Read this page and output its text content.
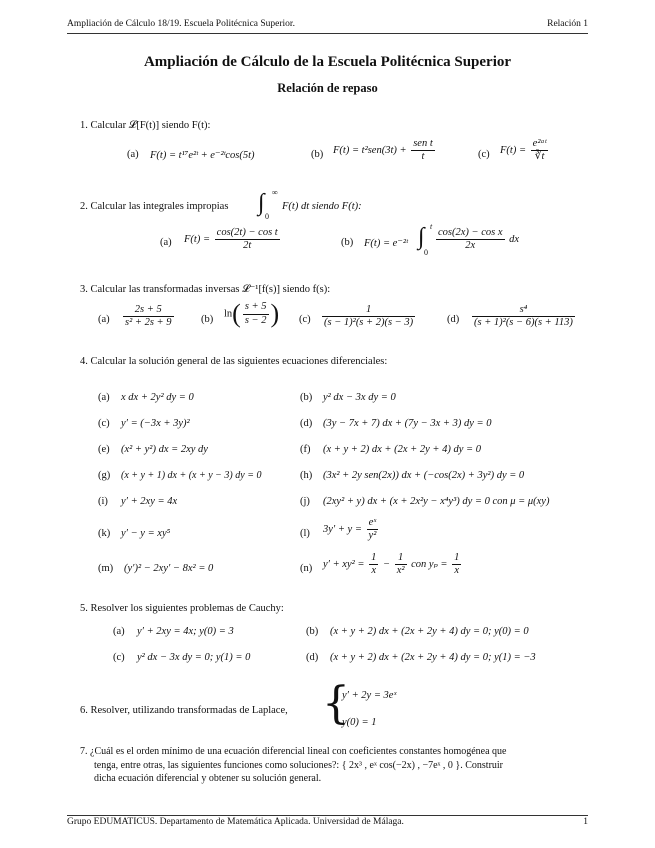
Ampliación de Cálculo 18/19. Escuela Politécnica Superior.	Relación 1
Ampliación de Cálculo de la Escuela Politécnica Superior
Relación de repaso
1. Calcular 𝓛[F(t)] siendo F(t):
(a) F(t) = t¹⁷e²ᵗ + e⁻²ᵗcos(5t)	(b) $F(t) = t^2sen(3t) + \frac{\text{sen t}}{t}$	(c) $F(t) = \frac{\text{e²ᵃᵗ}}{∛t}$
2. Calcular las integrales impropias ∫ ∞
0
F(t) dt siendo F(t):
(a) $F(t) = \frac{\text{cos(2t) − cos t}}{2t}$	(b) F(t) = e⁻²ᵗ ∫ t
0
$\frac{\text{cos(2x) − cos x}}{2x}$ dx
3. Calcular las transformadas inversas 𝓛⁻¹[f(s)] siendo f(s):
$(a) \frac{2s + 5}{\text{s² + 2s + 9}}$	(b)
$\ln( \frac{s + 5}{s - 2}$ ) $(c) \frac{1}{\text{(s − 1)²(s + 2)(s − 3)}}$	$(d) \frac{\text{s⁴}}{\text{(s + 1)²(s − 6)(s + 113)}}$
4. Calcular la solución general de las siguientes ecuaciones diferenciales:
(a) x dx + 2y² dy = 0	(b) y² dx − 3x dy = 0
(c) y′ = (−3x + 3y)²	(d) (3y − 7x + 7) dx + (7y − 3x + 3) dy = 0
(e) (x² + y²) dx = 2xy dy	(f) (x + y + 2) dx + (2x + 2y + 4) dy = 0
(g) (x + y + 1) dx + (x + y − 3) dy = 0	(h) (3x² + 2y sen(2x)) dx + (−cos(2x) + 3y²) dy = 0
(i) y′ + 2xy = 4x	(j) (2xy² + y) dx + (x + 2x²y − x⁴y³) dy = 0 con μ = μ(xy)
(k) y′ − y = xy⁵	(l) $3y' + y = \frac{\text{eˣ}}{\text{y²}}$
(m) (y′)² − 2xy′ − 8x² = 0	(n) $y' + xy^2 = \frac{1}{x} - \frac{1}{\text{x²}}$ con $y_p = \frac{1}{x}$
5. Resolver los siguientes problemas de Cauchy:
(a) y′ + 2xy = 4x; y(0) = 3	(b) (x + y + 2) dx + (2x + 2y + 4) dy = 0; y(0) = 0
(c) y² dx − 3x dy = 0; y(1) = 0	(d) (x + y + 2) dx + (2x + 2y + 4) dy = 0; y(1) = −3
6. Resolver, utilizando transformadas de Laplace, {
y′ + 2y = 3eˣ
y(0) = 1
7. ¿Cuál es el orden mínimo de una ecuación diferencial lineal con coeficientes constantes homogénea que
tenga, entre otras, las siguientes funciones como soluciones?: { 2x³ , eˣ cos(−2x) , −7eˣ , 0 }. Construir
dicha ecuación diferencial y obtener su solución general.
Grupo EDUMATICUS. Departamento de Matemática Aplicada. Universidad de Málaga.	1
